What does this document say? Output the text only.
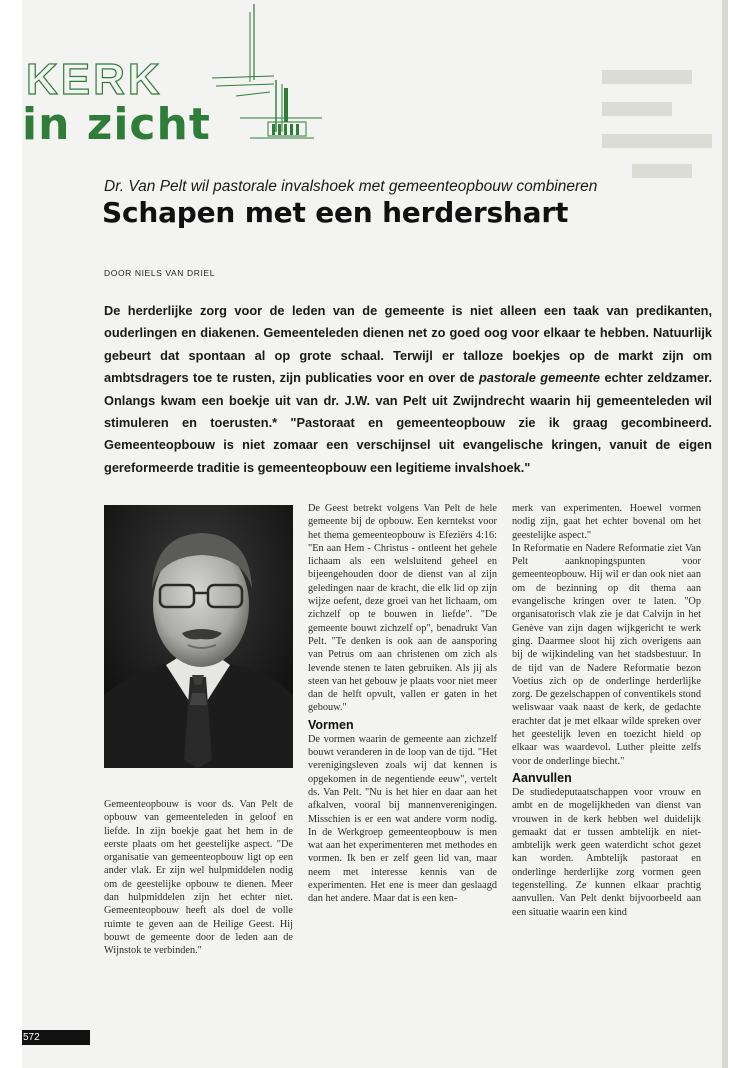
KERK
in zicht
Dr. Van Pelt wil pastorale invalshoek met gemeenteopbouw combineren
Schapen met een herdershart
DOOR NIELS VAN DRIEL

De herderlijke zorg voor de leden van de gemeente is niet alleen een taak van predikanten, ouderlingen en diakenen. Gemeenteleden dienen net zo goed oog voor elkaar te hebben. Natuurlijk gebeurt dat spontaan al op grote schaal. Terwijl er talloze boekjes op de markt zijn om ambtsdragers toe te rusten, zijn publicaties voor en over de pastorale gemeente echter zeldzamer. Onlangs kwam een boekje uit van dr. J.W. van Pelt uit Zwijndrecht waarin hij gemeenteleden wil stimuleren en toerusten.* "Pastoraat en gemeenteopbouw zie ik graag gecombineerd. Gemeenteopbouw is niet zomaar een verschijnsel uit evangelische kringen, vanuit de eigen gereformeerde traditie is gemeenteopbouw een legitieme invalshoek."

Gemeenteopbouw is voor ds. Van Pelt de opbouw van gemeenteleden in geloof en liefde. In zijn boekje gaat het hem in de eerste plaats om het geestelijke aspect. "De organisatie van gemeenteopbouw ligt op een ander vlak. Er zijn wel hulpmiddelen nodig om de geestelijke opbouw te dienen. Meer dan hulpmiddelen zijn het echter niet. Gemeenteopbouw heeft als doel de volle ruimte te geven aan de Heilige Geest. Hij bouwt de gemeente door de leden aan de Wijnstok te verbinden."

De Geest betrekt volgens Van Pelt de hele gemeente bij de opbouw. Een kerntekst voor het thema gemeenteopbouw is Efeziërs 4:16: "En aan Hem - Christus - ontleent het gehele lichaam als een welsluitend geheel en bijeengehouden door de dienst van al zijn geledingen naar de kracht, die elk lid op zijn wijze oefent, deze groei van het lichaam, om zichzelf op te bouwen in liefde". "De gemeente bouwt zichzelf op", benadrukt Van Pelt. "Te denken is ook aan de aansporing van Petrus om aan christenen om zich als levende stenen te laten gebruiken. Als jij als steen van het gebouw je plaats voor niet meer dan de helft opvult, vallen er gaten in het gebouw."

Vormen

De vormen waarin de gemeente aan zichzelf bouwt veranderen in de loop van de tijd. "Het verenigingsleven zoals wij dat kennen is opgekomen in de negentiende eeuw", vertelt ds. Van Pelt. "Nu is het hier en daar aan het afkalven, vooral bij mannenverenigingen. Misschien is er een wat andere vorm nodig. In de Werkgroep gemeenteopbouw is men wat aan het experimenteren met methodes en vormen. Ik ben er zelf geen lid van, maar neem met interesse kennis van de experimenten. Het ene is meer dan geslaagd dan het andere. Maar dat is een ken-

merk van experimenten. Hoewel vormen nodig zijn, gaat het echter bovenal om het geestelijke aspect."

In Reformatie en Nadere Reformatie ziet Van Pelt aanknopingspunten voor gemeenteopbouw. Hij wil er dan ook niet aan om de bezinning op dit thema aan evangelische kringen over te laten. "Op organisatorisch vlak zie je dat Calvijn in het Genève van zijn dagen wijkgericht te werk ging. Daarmee sloot hij zich overigens aan bij de wijkindeling van het stadsbestuur. In de tijd van de Nadere Reformatie bezon Voetius zich op de onderlinge herderlijke zorg. De gezelschappen of conventikels stond weliswaar vaak naast de kerk, de gedachte erachter dat je met elkaar wilde spreken over het geestelijk leven en toezicht hield op elkaar was waardevol. Luther pleitte zelfs voor de onderlinge biecht."

Aanvullen

De studiedeputaatschappen voor vrouw en ambt en de mogelijkheden van dienst van vrouwen in de kerk hebben wel duidelijk gemaakt dat er tussen ambtelijk en niet-ambtelijk werk geen waterdicht schot gezet kan worden. Ambtelijk pastoraat en onderlinge herderlijke zorg vormen geen tegenstelling. Ze kunnen elkaar prachtig aanvullen. Van Pelt denkt bijvoorbeeld aan een situatie waarin een kind

572
